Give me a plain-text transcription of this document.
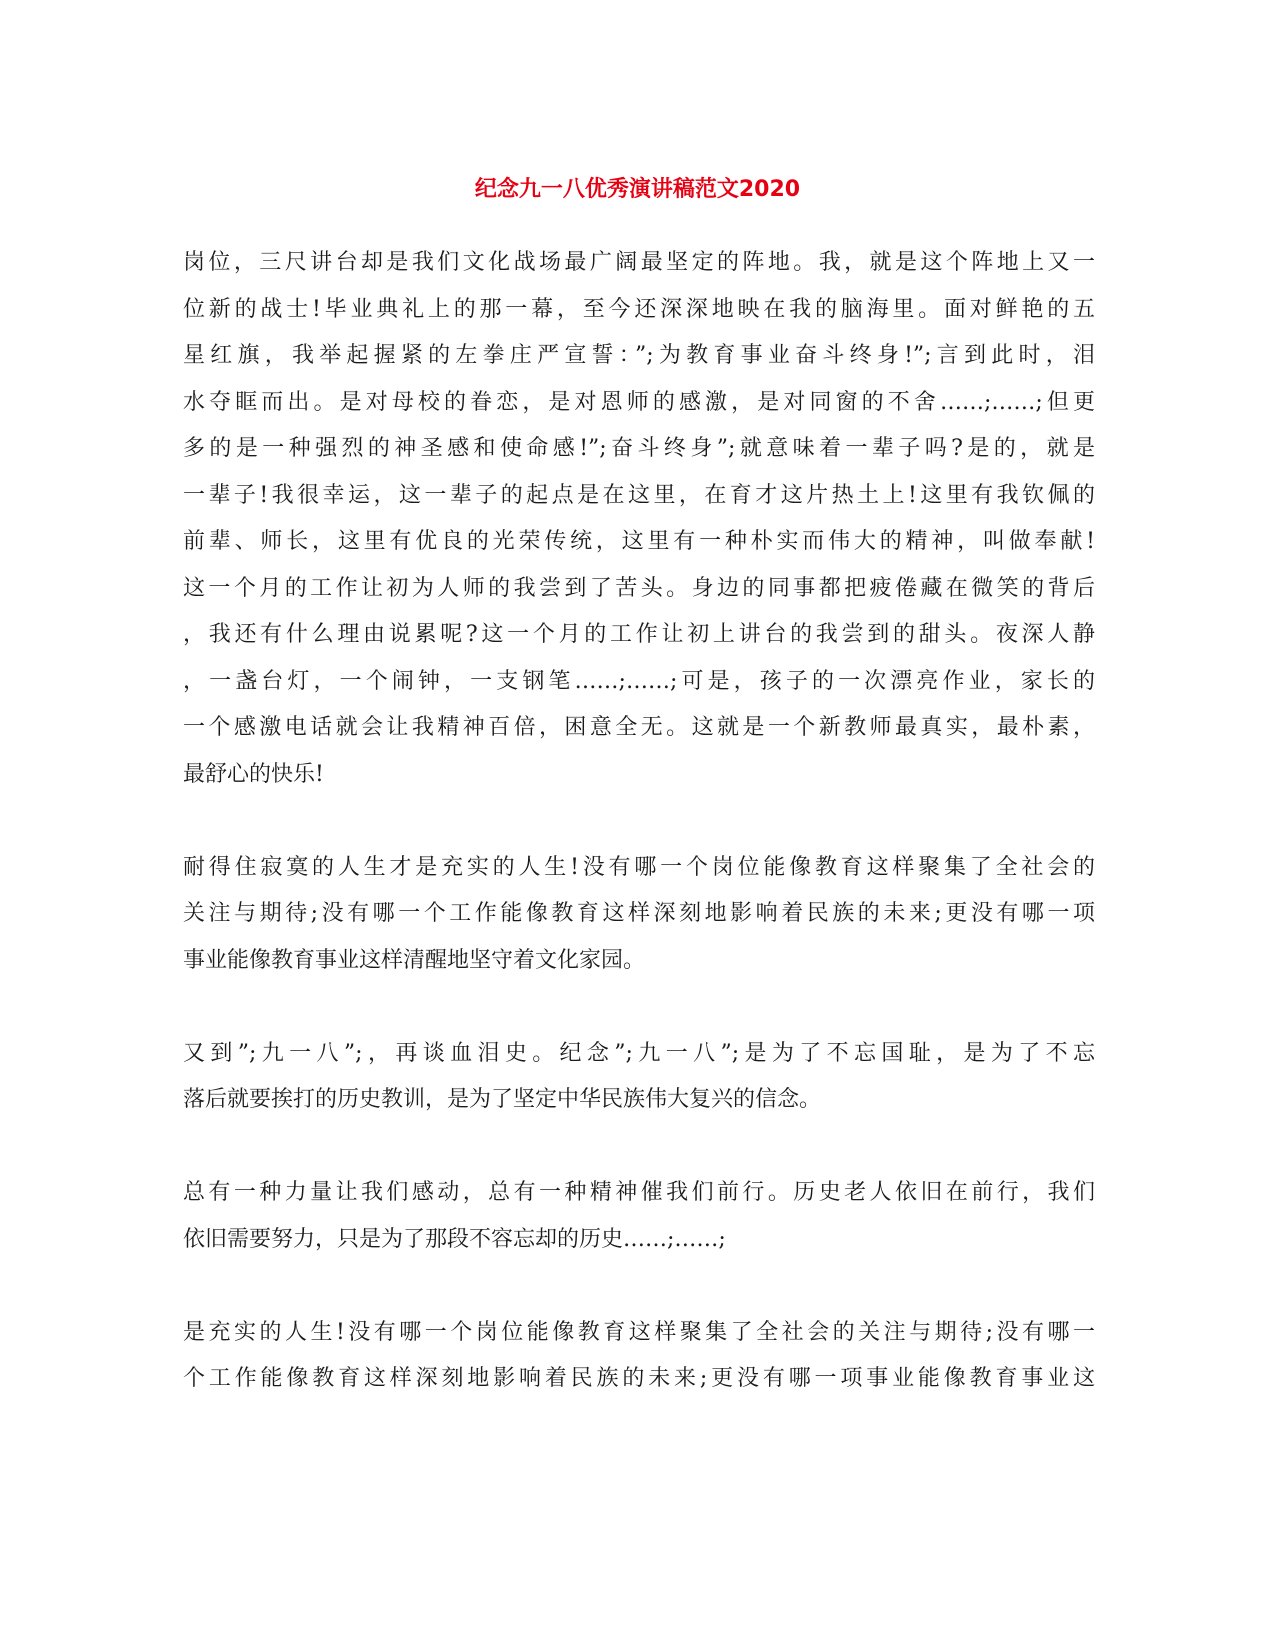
纪念九一八优秀演讲稿范文2020
岗位，三尺讲台却是我们文化战场最广阔最坚定的阵地。我，就是这个阵地上又一
位新的战士!毕业典礼上的那一幕，至今还深深地映在我的脑海里。面对鲜艳的五
星红旗，我举起握紧的左拳庄严宣誓：”;为教育事业奋斗终身!”;言到此时，泪
水夺眶而出。是对母校的眷恋，是对恩师的感激，是对同窗的不舍……;……;但更
多的是一种强烈的神圣感和使命感!”;奋斗终身”;就意味着一辈子吗?是的，就是
一辈子!我很幸运，这一辈子的起点是在这里，在育才这片热土上!这里有我钦佩的
前辈、师长，这里有优良的光荣传统，这里有一种朴实而伟大的精神，叫做奉献!
这一个月的工作让初为人师的我尝到了苦头。身边的同事都把疲倦藏在微笑的背后
，我还有什么理由说累呢?这一个月的工作让初上讲台的我尝到的甜头。夜深人静
，一盏台灯，一个闹钟，一支钢笔……;……;可是，孩子的一次漂亮作业，家长的
一个感激电话就会让我精神百倍，困意全无。这就是一个新教师最真实，最朴素，
最舒心的快乐!
耐得住寂寞的人生才是充实的人生!没有哪一个岗位能像教育这样聚集了全社会的
关注与期待;没有哪一个工作能像教育这样深刻地影响着民族的未来;更没有哪一项
事业能像教育事业这样清醒地坚守着文化家园。
又到”;九一八”;，再谈血泪史。纪念”;九一八”;是为了不忘国耻，是为了不忘
落后就要挨打的历史教训，是为了坚定中华民族伟大复兴的信念。
总有一种力量让我们感动，总有一种精神催我们前行。历史老人依旧在前行，我们
依旧需要努力，只是为了那段不容忘却的历史……;……;
是充实的人生!没有哪一个岗位能像教育这样聚集了全社会的关注与期待;没有哪一
个工作能像教育这样深刻地影响着民族的未来;更没有哪一项事业能像教育事业这
